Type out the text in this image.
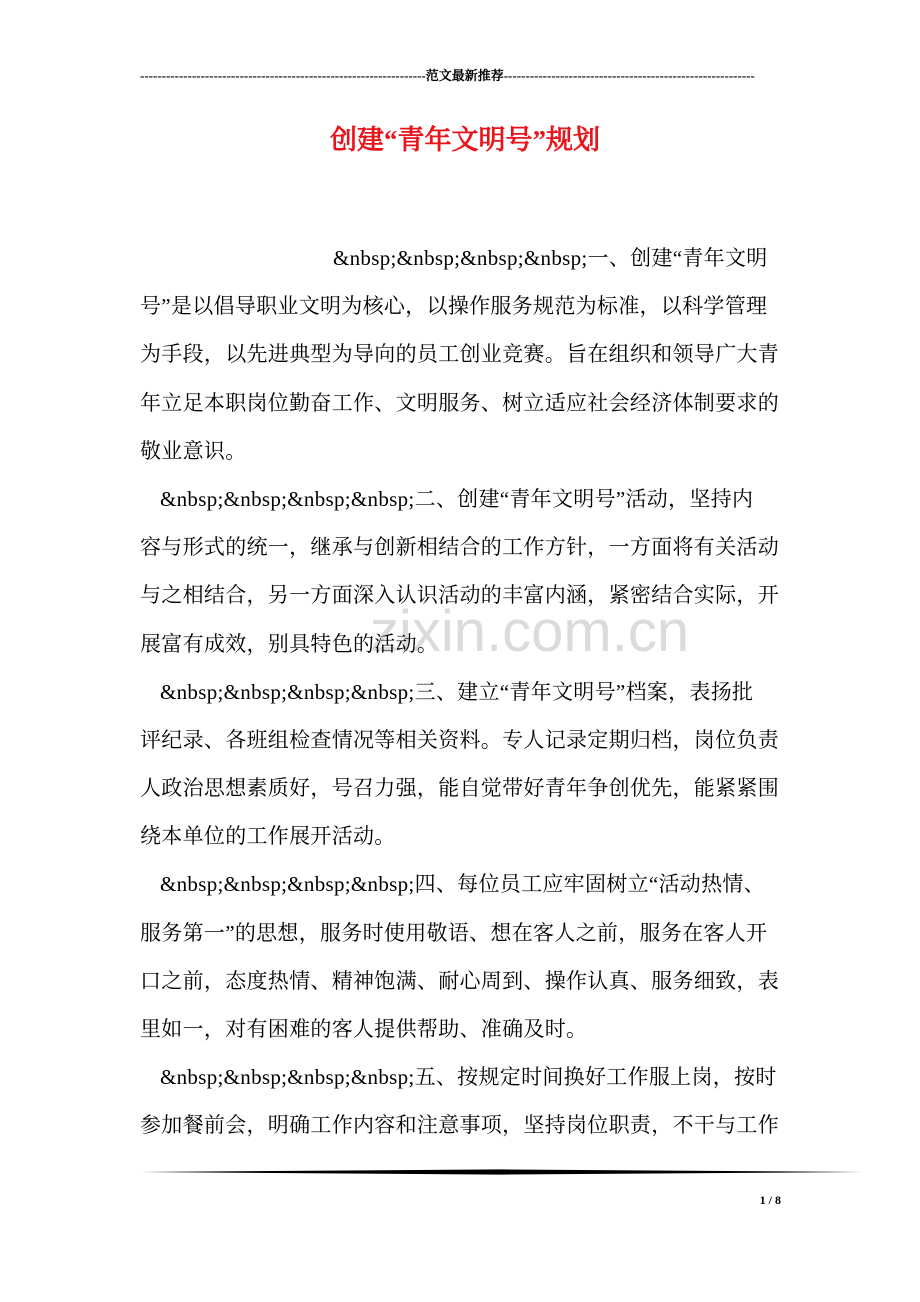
------------------------------------------------------------------范文最新推荐----------------------------------------------------------
创建“青年文明号”规划
zixin.com.cn
&nbsp;&nbsp;&nbsp;&nbsp;一、创建“青年文明
号”是以倡导职业文明为核心，以操作服务规范为标准，以科学管理
为手段，以先进典型为导向的员工创业竞赛。旨在组织和领导广大青
年立足本职岗位勤奋工作、文明服务、树立适应社会经济体制要求的
敬业意识。
&nbsp;&nbsp;&nbsp;&nbsp;二、创建“青年文明号”活动，坚持内
容与形式的统一，继承与创新相结合的工作方针，一方面将有关活动
与之相结合，另一方面深入认识活动的丰富内涵，紧密结合实际，开
展富有成效，别具特色的活动。
&nbsp;&nbsp;&nbsp;&nbsp;三、建立“青年文明号”档案，表扬批
评纪录、各班组检查情况等相关资料。专人记录定期归档，岗位负责
人政治思想素质好，号召力强，能自觉带好青年争创优先，能紧紧围
绕本单位的工作展开活动。
&nbsp;&nbsp;&nbsp;&nbsp;四、每位员工应牢固树立“活动热情、
服务第一”的思想，服务时使用敬语、想在客人之前，服务在客人开
口之前，态度热情、精神饱满、耐心周到、操作认真、服务细致，表
里如一，对有困难的客人提供帮助、准确及时。
&nbsp;&nbsp;&nbsp;&nbsp;五、按规定时间换好工作服上岗，按时
参加餐前会，明确工作内容和注意事项，坚持岗位职责，不干与工作
1 / 8
